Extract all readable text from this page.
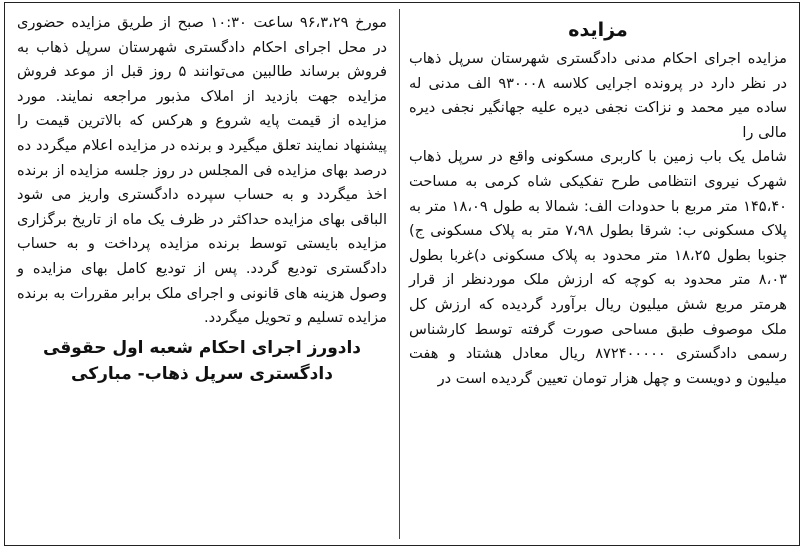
مزایده

مزایده اجرای احکام مدنی دادگستری شهرستان سرپل ذهاب در نظر دارد در پرونده اجرایی کلاسه ۹۳۰۰۰۸ الف مدنی له ساده میر محمد و نزاکت نجفی دیره علیه جهانگیر نجفی دیره مالی را

شامل یک باب زمین با کاربری مسکونی واقع در سرپل ذهاب شهرک نیروی انتظامی طرح تفکیکی شاه کرمی به مساحت ۱۴۵،۴۰ متر مربع با حدودات الف: شمالا به طول ۱۸،۰۹ متر به پلاک مسکونی ب: شرقا بطول ۷،۹۸ متر به پلاک مسکونی ج) جنوبا بطول ۱۸،۲۵ متر محدود به پلاک مسکونی د)غربا بطول ۸،۰۳ متر محدود به کوچه که ارزش ملک موردنظر از قرار هرمتر مربع شش میلیون ریال برآورد گردیده که ارزش کل ملک موصوف طبق مساحی صورت گرفته توسط کارشناس رسمی دادگستری ۸۷۲۴۰۰۰۰۰ ریال معادل هشتاد و هفت میلیون و دویست و چهل هزار تومان تعیین گردیده است در

مورخ ۹۶،۳،۲۹ ساعت ۱۰:۳۰ صبح از طریق مزایده حضوری در محل اجرای احکام دادگستری شهرستان سرپل ذهاب به فروش برساند طالبین می‌توانند ۵ روز قبل از موعد فروش مزایده جهت بازدید از املاک مذبور مراجعه نمایند. مورد مزایده از قیمت پایه شروع و هرکس که بالاترین قیمت را پیشنهاد نمایند تعلق میگیرد و برنده در مزایده اعلام میگردد ده درصد بهای مزایده فی المجلس در روز جلسه مزایده از برنده اخذ میگردد و به حساب سپرده دادگستری واریز می شود الباقی بهای مزایده حداکثر در ظرف یک ماه از تاریخ برگزاری مزایده بایستی توسط برنده مزایده پرداخت و به حساب دادگستری تودیع گردد. پس از تودیع کامل بهای مزایده و وصول هزینه های قانونی و اجرای ملک برابر مقررات به برنده مزایده تسلیم و تحویل میگردد.

دادورز اجرای احکام شعبه اول حقوقی
دادگستری سرپل ذهاب- مبارکی
